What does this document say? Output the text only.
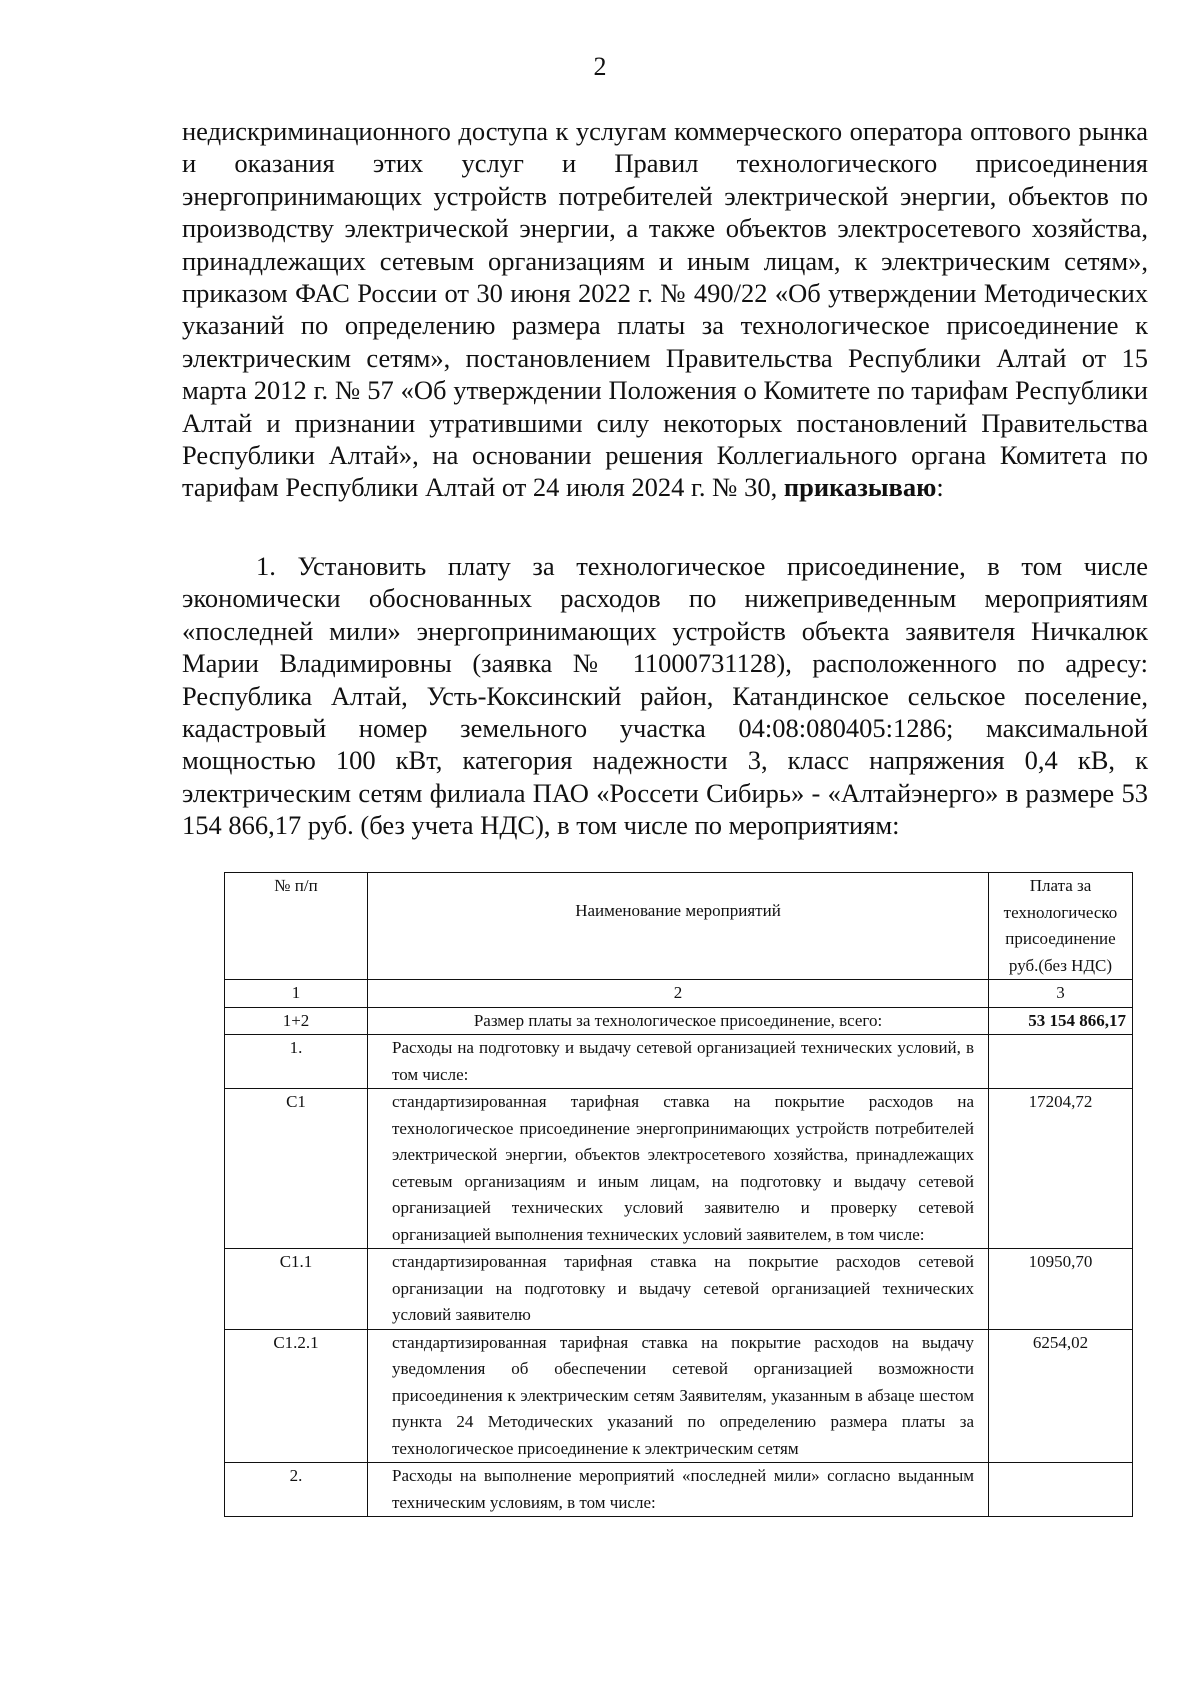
2

недискриминационного доступа к услугам коммерческого оператора оптового рынка и оказания этих услуг и Правил технологического присоединения энергопринимающих устройств потребителей электрической энергии, объектов по производству электрической энергии, а также объектов электросетевого хозяйства, принадлежащих сетевым организациям и иным лицам, к электрическим сетям», приказом ФАС России от 30 июня 2022 г. № 490/22 «Об утверждении Методических указаний по определению размера платы за технологическое присоединение к электрическим сетям», постановлением Правительства Республики Алтай от 15 марта 2012 г. № 57 «Об утверждении Положения о Комитете по тарифам Республики Алтай и признании утратившими силу некоторых постановлений Правительства Республики Алтай», на основании решения Коллегиального органа Комитета по тарифам Республики Алтай от 24 июля 2024 г. № 30, приказываю:

1. Установить плату за технологическое присоединение, в том числе экономически обоснованных расходов по нижеприведенным мероприятиям «последней мили» энергопринимающих устройств объекта заявителя Ничкалюк Марии Владимировны (заявка № 11000731128), расположенного по адресу: Республика Алтай, Усть-Коксинский район, Катандинское сельское поселение, кадастровый номер земельного участка 04:08:080405:1286; максимальной мощностью 100 кВт, категория надежности 3, класс напряжения 0,4 кВ, к электрическим сетям филиала ПАО «Россети Сибирь» - «Алтайэнерго» в размере 53 154 866,17 руб. (без учета НДС), в том числе по мероприятиям:

№ п/п	Наименование мероприятий	Плата за технологическо присоединение руб.(без НДС)
1	2	3
1+2	Размер платы за технологическое присоединение, всего:	53 154 866,17
1.	Расходы на подготовку и выдачу сетевой организацией технических условий, в том числе:	
С1	стандартизированная тарифная ставка на покрытие расходов на технологическое присоединение энергопринимающих устройств потребителей электрической энергии, объектов электросетевого хозяйства, принадлежащих сетевым организациям и иным лицам, на подготовку и выдачу сетевой организацией технических условий заявителю и проверку сетевой организацией выполнения технических условий заявителем, в том числе:	17204,72
С1.1	стандартизированная тарифная ставка на покрытие расходов сетевой организации на подготовку и выдачу сетевой организацией технических условий заявителю	10950,70
С1.2.1	стандартизированная тарифная ставка на покрытие расходов на выдачу уведомления об обеспечении сетевой организацией возможности присоединения к электрическим сетям Заявителям, указанным в абзаце шестом пункта 24 Методических указаний по определению размера платы за технологическое присоединение к электрическим сетям	6254,02
2.	Расходы на выполнение мероприятий «последней мили» согласно выданным техническим условиям, в том числе:	
